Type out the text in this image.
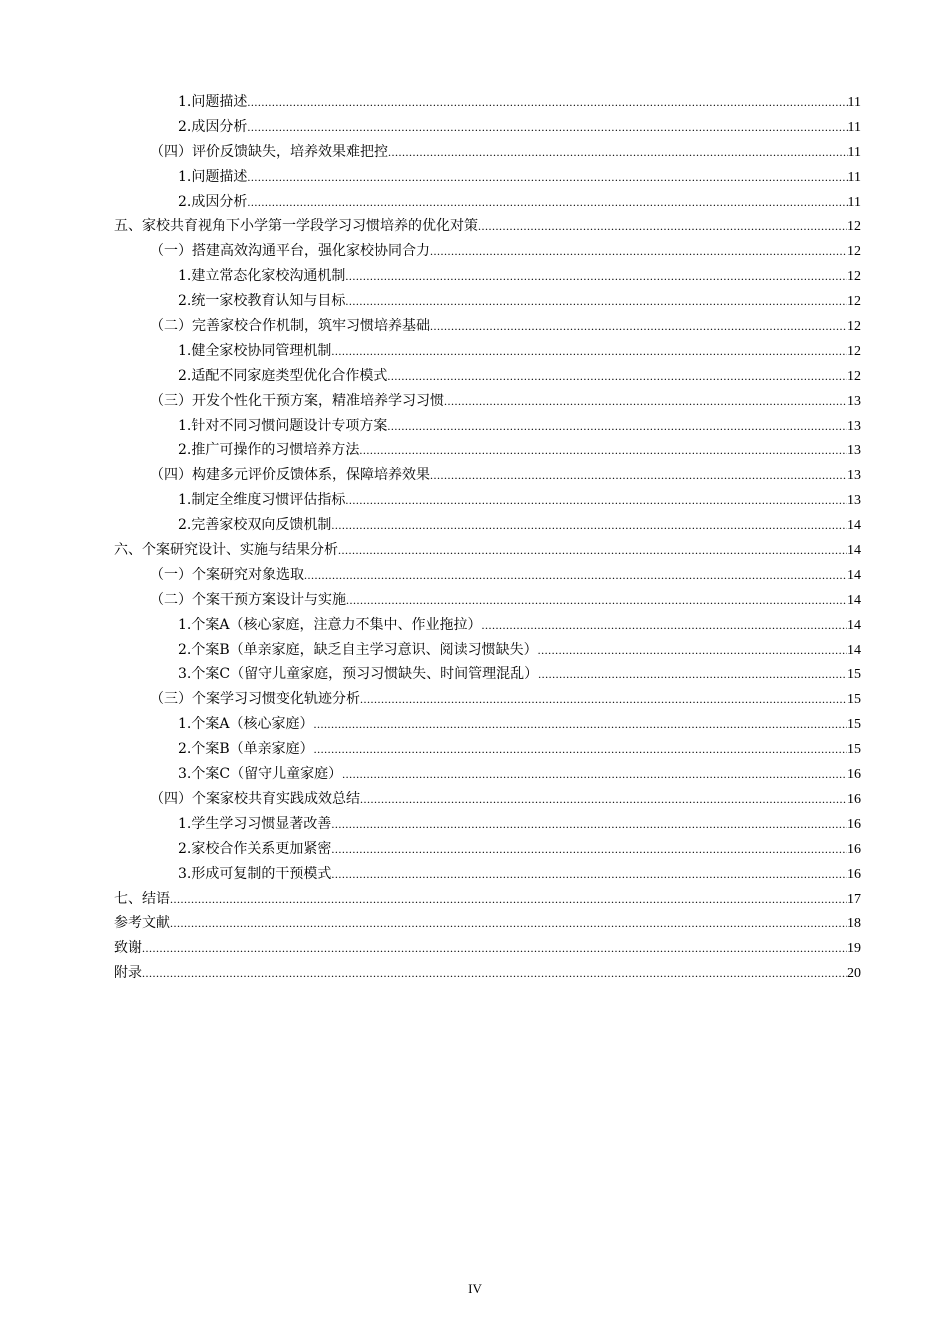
1.问题描述 .....	11
2.成因分析 .....	11
（四）评价反馈缺失，培养效果难把控 .....	11
1.问题描述 .....	11
2.成因分析 .....	11
五、家校共育视角下小学第一学段学习习惯培养的优化对策 .....	12
（一）搭建高效沟通平台，强化家校协同合力 .....	12
1.建立常态化家校沟通机制 .....	12
2.统一家校教育认知与目标 .....	12
（二）完善家校合作机制，筑牢习惯培养基础 .....	12
1.健全家校协同管理机制 .....	12
2.适配不同家庭类型优化合作模式 .....	12
（三）开发个性化干预方案，精准培养学习习惯 .....	13
1.针对不同习惯问题设计专项方案 .....	13
2.推广可操作的习惯培养方法 .....	13
（四）构建多元评价反馈体系，保障培养效果 .....	13
1.制定全维度习惯评估指标 .....	13
2.完善家校双向反馈机制 .....	14
六、个案研究设计、实施与结果分析 .....	14
（一）个案研究对象选取 .....	14
（二）个案干预方案设计与实施 .....	14
1.个案A（核心家庭，注意力不集中、作业拖拉） .....	14
2.个案B（单亲家庭，缺乏自主学习意识、阅读习惯缺失） .....	14
3.个案C（留守儿童家庭，预习习惯缺失、时间管理混乱） .....	15
（三）个案学习习惯变化轨迹分析 .....	15
1.个案A（核心家庭） .....	15
2.个案B（单亲家庭） .....	15
3.个案C（留守儿童家庭） .....	16
（四）个案家校共育实践成效总结 .....	16
1.学生学习习惯显著改善 .....	16
2.家校合作关系更加紧密 .....	16
3.形成可复制的干预模式 .....	16
七、结语 .....	17
参考文献 .....	18
致谢 .....	19
附录 .....	20
IV
